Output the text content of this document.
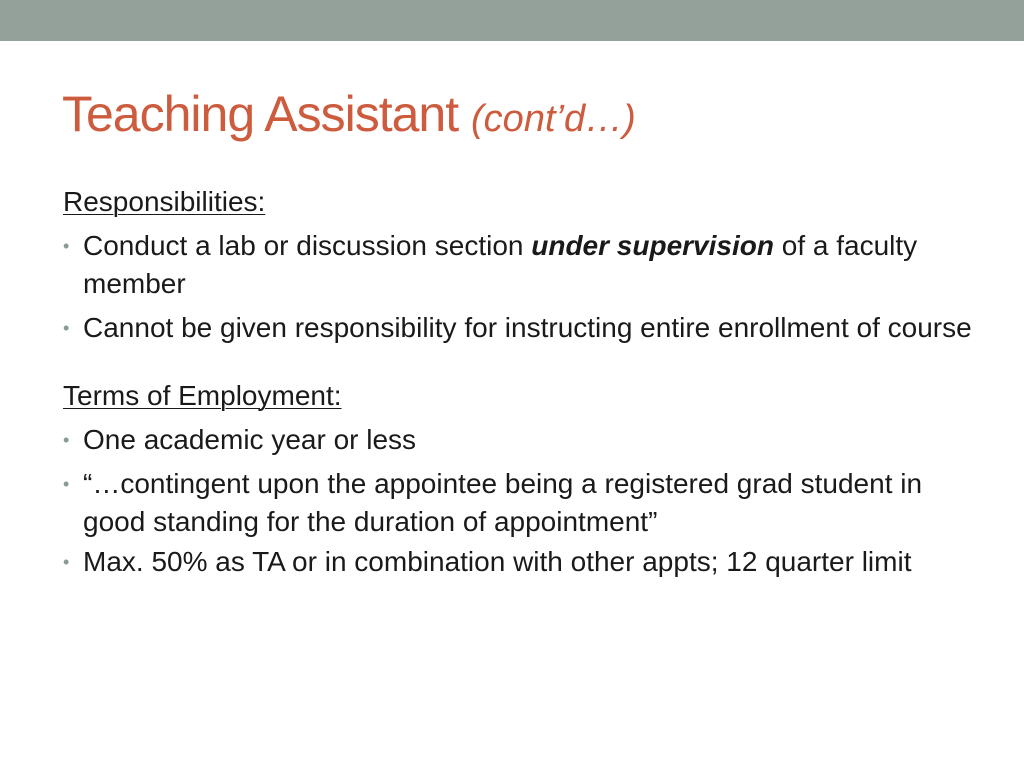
Teaching Assistant (cont’d…)

Responsibilities:

• Conduct a lab or discussion section under supervision of a faculty member
• Cannot be given responsibility for instructing entire enrollment of course

Terms of Employment:

• One academic year or less
• “…contingent upon the appointee being a registered grad student in good standing for the duration of appointment”
• Max. 50% as TA or in combination with other appts; 12 quarter limit
